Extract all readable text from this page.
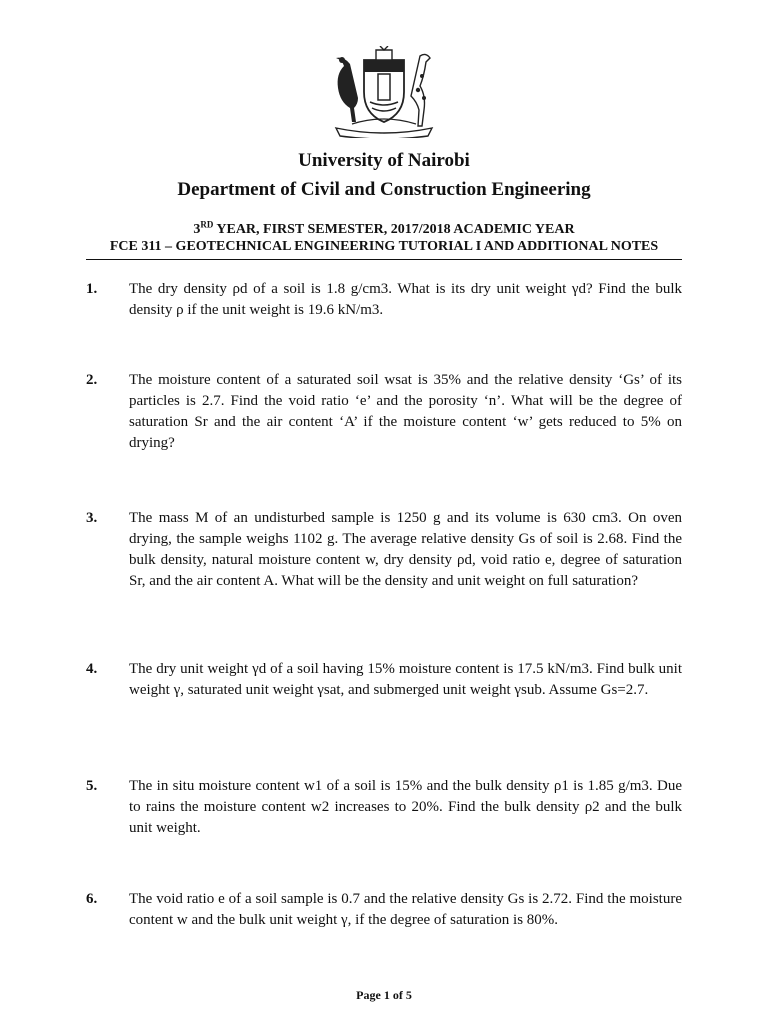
University of Nairobi
Department of Civil and Construction Engineering
3RD YEAR, FIRST SEMESTER, 2017/2018 ACADEMIC YEAR
FCE 311 – GEOTECHNICAL ENGINEERING TUTORIAL I AND ADDITIONAL NOTES
1. The dry density ρd of a soil is 1.8 g/cm3. What is its dry unit weight γd? Find the bulk density ρ if the unit weight is 19.6 kN/m3.
2. The moisture content of a saturated soil wsat is 35% and the relative density ‘Gs’ of its particles is 2.7. Find the void ratio ‘e’ and the porosity ‘n’. What will be the degree of saturation Sr and the air content ‘A’ if the moisture content ‘w’ gets reduced to 5% on drying?
3. The mass M of an undisturbed sample is 1250 g and its volume is 630 cm3. On oven drying, the sample weighs 1102 g. The average relative density Gs of soil is 2.68. Find the bulk density, natural moisture content w, dry density ρd, void ratio e, degree of saturation Sr, and the air content A. What will be the density and unit weight on full saturation?
4. The dry unit weight γd of a soil having 15% moisture content is 17.5 kN/m3. Find bulk unit weight γ, saturated unit weight γsat, and submerged unit weight γsub. Assume Gs=2.7.
5. The in situ moisture content w1 of a soil is 15% and the bulk density ρ1 is 1.85 g/m3. Due to rains the moisture content w2 increases to 20%. Find the bulk density ρ2 and the bulk unit weight.
6. The void ratio e of a soil sample is 0.7 and the relative density Gs is 2.72. Find the moisture content w and the bulk unit weight γ, if the degree of saturation is 80%.
Page 1 of 5
